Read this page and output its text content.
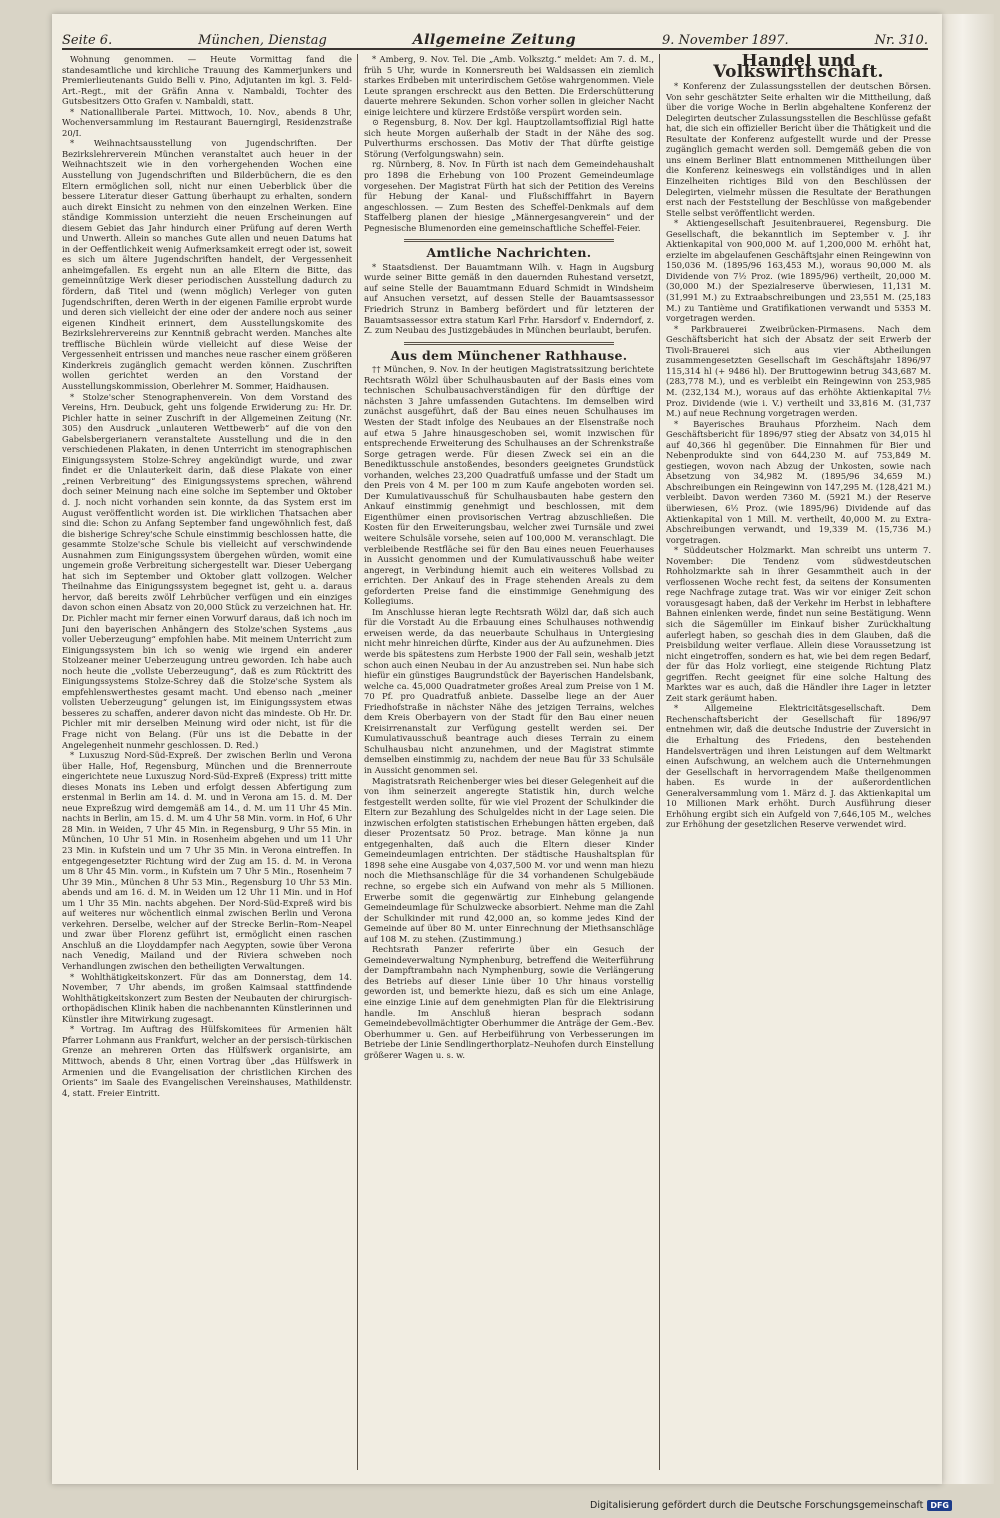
Seite 6.	München, Dienstag	Allgemeine Zeitung	9. November 1897.	Nr. 310.

Wohnung genommen. — Heute Vormittag fand die standesamtliche und kirchliche Trauung des Kammerjunkers und Premierlieutenants Guido Belli v. Pino, Adjutanten im kgl. 3. Feld-Art.-Regt., mit der Gräfin Anna v. Nambaldi, Tochter des Gutsbesitzers Otto Grafen v. Nambaldi, statt.

* Nationalliberale Partei. Mittwoch, 10. Nov., abends 8 Uhr, Wochenversammlung im Restaurant Bauerngirgl, Residenzstraße 20/I.

* Weihnachtsausstellung von Jugendschriften. Der Bezirkslehrerverein München veranstaltet auch heuer in der Weihnachtszeit wie in den vorhergehenden Wochen eine Ausstellung von Jugendschriften und Bilderbüchern, die es den Eltern ermöglichen soll, nicht nur einen Ueberblick über die bessere Literatur dieser Gattung überhaupt zu erhalten, sondern auch direkt Einsicht zu nehmen von den einzelnen Werken. Eine ständige Kommission unterzieht die neuen Erscheinungen auf diesem Gebiet das Jahr hindurch einer Prüfung auf deren Werth und Unwerth. Allein so manches Gute allen und neuen Datums hat in der Oeffentlichkeit wenig Aufmerksamkeit erregt oder ist, soweit es sich um ältere Jugendschriften handelt, der Vergessenheit anheimgefallen. Es ergeht nun an alle Eltern die Bitte, das gemeinnützige Werk dieser periodischen Ausstellung dadurch zu fördern, daß Titel und (wenn möglich) Verleger von guten Jugendschriften, deren Werth in der eigenen Familie erprobt wurde und deren sich vielleicht der eine oder der andere noch aus seiner eigenen Kindheit erinnert, dem Ausstellungskomite des Bezirkslehrervereins zur Kenntniß gebracht werden. Manches alte trefflische Büchlein würde vielleicht auf diese Weise der Vergessenheit entrissen und manches neue rascher einem größeren Kinderkreis zugänglich gemacht werden können. Zuschriften wollen gerichtet werden an den Vorstand der Ausstellungskommission, Oberlehrer M. Sommer, Haidhausen.

* Stolze'scher Stenographenverein. Von dem Vorstand des Vereins, Hrn. Deubuck, geht uns folgende Erwiderung zu: Hr. Dr. Pichler hatte in seiner Zuschrift in der Allgemeinen Zeitung (Nr. 305) den Ausdruck „unlauteren Wettbewerb“ auf die von den Gabelsbergerianern veranstaltete Ausstellung und die in den verschiedenen Plakaten, in denen Unterricht im stenographischen Einigungssystem Stolze-Schrey angekündigt wurde, und zwar findet er die Unlauterkeit darin, daß diese Plakate von einer „reinen Verbreitung“ des Einigungssystems sprechen, während doch seiner Meinung nach eine solche im September und Oktober d. J. noch nicht vorhanden sein konnte, da das System erst im August veröffentlicht worden ist. Die wirklichen Thatsachen aber sind die: Schon zu Anfang September fand ungewöhnlich fest, daß die bisherige Schrey'sche Schule einstimmig beschlossen hatte, die gesammte Stolze'sche Schule bis vielleicht auf verschwindende Ausnahmen zum Einigungssystem übergehen würden, womit eine ungemein große Verbreitung sichergestellt war. Dieser Uebergang hat sich im September und Oktober glatt vollzogen. Welcher Theilnahme das Einigungssystem begegnet ist, geht u. a. daraus hervor, daß bereits zwölf Lehrbücher verfügen und ein einziges davon schon einen Absatz von 20,000 Stück zu verzeichnen hat. Hr. Dr. Pichler macht mir ferner einen Vorwurf daraus, daß ich noch im Juni den bayerischen Anhängern des Stolze'schen Systems „aus voller Ueberzeugung“ empfohlen habe. Mit meinem Unterricht zum Einigungssystem bin ich so wenig wie irgend ein anderer Stolzeaner meiner Ueberzeugung untreu geworden. Ich habe auch noch heute die „vollste Ueberzeugung“, daß es zum Rücktritt des Einigungssystems Stolze-Schrey daß die Stolze'sche System als empfehlenswerthestes gesamt macht. Und ebenso nach „meiner vollsten Ueberzeugung“ gelungen ist, im Einigungssystem etwas besseres zu schaffen, anderer davon nicht das mindeste. Ob Hr. Dr. Pichler mit mir derselben Meinung wird oder nicht, ist für die Frage nicht von Belang. (Für uns ist die Debatte in der Angelegenheit nunmehr geschlossen. D. Red.)

* Luxuszug Nord-Süd-Expreß. Der zwischen Berlin und Verona über Halle, Hof, Regensburg, München und die Brennerroute eingerichtete neue Luxuszug Nord-Süd-Expreß (Express) tritt mitte dieses Monats ins Leben und erfolgt dessen Abfertigung zum erstenmal in Berlin am 14. d. M. und in Verona am 15. d. M. Der neue Expreßzug wird demgemäß am 14., d. M. um 11 Uhr 45 Min. nachts in Berlin, am 15. d. M. um 4 Uhr 58 Min. vorm. in Hof, 6 Uhr 28 Min. in Weiden, 7 Uhr 45 Min. in Regensburg, 9 Uhr 55 Min. in München, 10 Uhr 51 Min. in Rosenheim abgehen und um 11 Uhr 23 Min. in Kufstein und um 7 Uhr 35 Min. in Verona eintreffen. In entgegengesetzter Richtung wird der Zug am 15. d. M. in Verona um 8 Uhr 45 Min. vorm., in Kufstein um 7 Uhr 5 Min., Rosenheim 7 Uhr 39 Min., München 8 Uhr 53 Min., Regensburg 10 Uhr 53 Min. abends und am 16. d. M. in Weiden um 12 Uhr 11 Min. und in Hof um 1 Uhr 35 Min. nachts abgehen. Der Nord-Süd-Expreß wird bis auf weiteres nur wöchentlich einmal zwischen Berlin und Verona verkehren. Derselbe, welcher auf der Strecke Berlin–Rom–Neapel und zwar über Florenz geführt ist, ermöglicht einen raschen Anschluß an die Lloyddampfer nach Aegypten, sowie über Verona nach Venedig, Mailand und der Riviera schweben noch Verhandlungen zwischen den betheiligten Verwaltungen.

* Wohlthätigkeitskonzert. Für das am Donnerstag, dem 14. November, 7 Uhr abends, im großen Kaimsaal stattfindende Wohlthätigkeitskonzert zum Besten der Neubauten der chirurgisch-orthopädischen Klinik haben die nachbenannten Künstlerinnen und Künstler ihre Mitwirkung zugesagt.

* Vortrag. Im Auftrag des Hülfskomitees für Armenien hält Pfarrer Lohmann aus Frankfurt, welcher an der persisch-türkischen Grenze an mehreren Orten das Hülfswerk organisirte, am Mittwoch, abends 8 Uhr, einen Vortrag über „das Hülfswerk in Armenien und die Evangelisation der christlichen Kirchen des Orients“ im Saale des Evangelischen Vereinshauses, Mathildenstr. 4, statt. Freier Eintritt.

* Amberg, 9. Nov. Tel. Die „Amb. Volksztg.“ meldet: Am 7. d. M., früh 5 Uhr, wurde in Konnersreuth bei Waldsassen ein ziemlich starkes Erdbeben mit unterirdischem Getöse wahrgenommen. Viele Leute sprangen erschreckt aus den Betten. Die Erderschütterung dauerte mehrere Sekunden. Schon vorher sollen in gleicher Nacht einige leichtere und kürzere Erdstöße verspürt worden sein.

⊙ Regensburg, 8. Nov. Der kgl. Hauptzollamtsoffizial Rigl hatte sich heute Morgen außerhalb der Stadt in der Nähe des sog. Pulverthurms erschossen. Das Motiv der That dürfte geistige Störung (Verfolgungswahn) sein.

rg. Nürnberg, 8. Nov. In Fürth ist nach dem Gemeindehaushalt pro 1898 die Erhebung von 100 Prozent Gemeindeumlage vorgesehen. Der Magistrat Fürth hat sich der Petition des Vereins für Hebung der Kanal- und Flußschifffahrt in Bayern angeschlossen. — Zum Besten des Scheffel-Denkmals auf dem Staffelberg planen der hiesige „Männergesangverein“ und der Pegnesische Blumenorden eine gemeinschaftliche Scheffel-Feier.

Amtliche Nachrichten.

* Staatsdienst. Der Bauamtmann Wilh. v. Hagn in Augsburg wurde seiner Bitte gemäß in den dauernden Ruhestand versetzt, auf seine Stelle der Bauamtmann Eduard Schmidt in Windsheim auf Ansuchen versetzt, auf dessen Stelle der Bauamtsassessor Friedrich Strunz in Bamberg befördert und für letzteren der Bauamtsassessor extra statum Karl Frhr. Harsdorf v. Enderndorf, z. Z. zum Neubau des Justizgebäudes in München beurlaubt, berufen.

Aus dem Münchener Rathhause.

†† München, 9. Nov. In der heutigen Magistratssitzung berichtete Rechtsrath Wölzl über Schulhausbauten auf der Basis eines vom technischen Schulbausachverständigen für den dürftige der nächsten 3 Jahre umfassenden Gutachtens. Im demselben wird zunächst ausgeführt, daß der Bau eines neuen Schulhauses im Westen der Stadt infolge des Neubaues an der Elsenstraße noch auf etwa 5 Jahre hinausgeschoben sei, womit inzwischen für entsprechende Erweiterung des Schulhauses an der Schrenkstraße Sorge getragen werde. Für diesen Zweck sei ein an die Benediktusschule anstoßendes, besonders geeignetes Grundstück vorhanden, welches 23,200 Quadratfuß umfasse und der Stadt um den Preis von 4 M. per 100 m zum Kaufe angeboten worden sei. Der Kumulativausschuß für Schulhausbauten habe gestern den Ankauf einstimmig genehmigt und beschlossen, mit dem Eigenthümer einen provisorischen Vertrag abzuschließen. Die Kosten für den Erweiterungsbau, welcher zwei Turnsäle und zwei weitere Schulsäle vorsehe, seien auf 100,000 M. veranschlagt. Die verbleibende Restfläche sei für den Bau eines neuen Feuerhauses in Aussicht genommen und der Kumulativausschuß habe weiter angeregt, in Verbindung hiemit auch ein weiteres Vollsbad zu errichten. Der Ankauf des in Frage stehenden Areals zu dem geforderten Preise fand die einstimmige Genehmigung des Kollegiums.

Im Anschlusse hieran legte Rechtsrath Wölzl dar, daß sich auch für die Vorstadt Au die Erbauung eines Schulhauses nothwendig erweisen werde, da das neuerbaute Schulhaus in Untergiesing nicht mehr hinreichen dürfte, Kinder aus der Au aufzunehmen. Dies werde bis spätestens zum Herbste 1900 der Fall sein, weshalb jetzt schon auch einen Neubau in der Au anzustreben sei. Nun habe sich hiefür ein günstiges Baugrundstück der Bayerischen Handelsbank, welche ca. 45,000 Quadratmeter großes Areal zum Preise von 1 M. 70 Pf. pro Quadratfuß anbiete. Dasselbe liege an der Auer Friedhofstraße in nächster Nähe des jetzigen Terrains, welches dem Kreis Oberbayern von der Stadt für den Bau einer neuen Kreisirrenanstalt zur Verfügung gestellt werden sei. Der Kumulativausschuß beantrage auch dieses Terrain zu einem Schulhausbau nicht anzunehmen, und der Magistrat stimmte demselben einstimmig zu, nachdem der neue Bau für 33 Schulsäle in Aussicht genommen sei.

Magistratsrath Reichenberger wies bei dieser Gelegenheit auf die von ihm seinerzeit angeregte Statistik hin, durch welche festgestellt werden sollte, für wie viel Prozent der Schulkinder die Eltern zur Bezahlung des Schulgeldes nicht in der Lage seien. Die inzwischen erfolgten statistischen Erhebungen hätten ergeben, daß dieser Prozentsatz 50 Proz. betrage. Man könne ja nun entgegenhalten, daß auch die Eltern dieser Kinder Gemeindeumlagen entrichten. Der städtische Haushaltsplan für 1898 sehe eine Ausgabe von 4,037,500 M. vor und wenn man hiezu noch die Miethsanschläge für die 34 vorhandenen Schulgebäude rechne, so ergebe sich ein Aufwand von mehr als 5 Millionen. Erwerbe somit die gegenwärtig zur Einhebung gelangende Gemeindeumlage für Schulzwecke absorbiert. Nehme man die Zahl der Schulkinder mit rund 42,000 an, so komme jedes Kind der Gemeinde auf über 80 M. unter Einrechnung der Miethsanschläge auf 108 M. zu stehen. (Zustimmung.)

Rechtsrath Panzer referirte über ein Gesuch der Gemeindeverwaltung Nymphenburg, betreffend die Weiterführung der Dampftrambahn nach Nymphenburg, sowie die Verlängerung des Betriebs auf dieser Linie über 10 Uhr hinaus vorstellig geworden ist, und bemerkte hiezu, daß es sich um eine Anlage, eine einzige Linie auf dem genehmigten Plan für die Elektrisirung handle. Im Anschluß hieran besprach sodann Gemeindebevollmächtigter Oberhummer die Anträge der Gem.-Bev. Oberhummer u. Gen. auf Herbeiführung von Verbesserungen im Betriebe der Linie Sendlingerthorplatz–Neuhofen durch Einstellung größerer Wagen u. s. w.

Handel und Volkswirthschaft.

* Konferenz der Zulassungsstellen der deutschen Börsen. Von sehr geschätzter Seite erhalten wir die Mittheilung, daß über die vorige Woche in Berlin abgehaltene Konferenz der Delegirten deutscher Zulassungsstellen die Beschlüsse gefaßt hat, die sich ein offizieller Bericht über die Thätigkeit und die Resultate der Konferenz aufgestellt wurde und der Presse zugänglich gemacht werden soll. Demgemäß geben die von uns einem Berliner Blatt entnommenen Mittheilungen über die Konferenz keineswegs ein vollständiges und in allen Einzelheiten richtiges Bild von den Beschlüssen der Delegirten, vielmehr müssen die Resultate der Berathungen erst nach der Feststellung der Beschlüsse von maßgebender Stelle selbst veröffentlicht werden.

* Aktiengesellschaft Jesuitenbrauerei, Regensburg. Die Gesellschaft, die bekanntlich im September v. J. ihr Aktienkapital von 900,000 M. auf 1,200,000 M. erhöht hat, erzielte im abgelaufenen Geschäftsjahr einen Reingewinn von 150,036 M. (1895/96 163,453 M.), woraus 90,000 M. als Dividende von 7½ Proz. (wie 1895/96) vertheilt, 20,000 M. (30,000 M.) der Spezialreserve überwiesen, 11,131 M. (31,991 M.) zu Extraabschreibungen und 23,551 M. (25,183 M.) zu Tantième und Gratifikationen verwandt und 5353 M. vorgetragen werden.

* Parkbrauerei Zweibrücken-Pirmasens. Nach dem Geschäftsbericht hat sich der Absatz der seit Erwerb der Tivoli-Brauerei sich aus vier Abtheilungen zusammengesetzten Gesellschaft im Geschäftsjahr 1896/97 115,314 hl (+ 9486 hl). Der Bruttogewinn betrug 343,687 M. (283,778 M.), und es verbleibt ein Reingewinn von 253,985 M. (232,134 M.), woraus auf das erhöhte Aktienkapital 7½ Proz. Dividende (wie i. V.) vertheilt und 33,816 M. (31,737 M.) auf neue Rechnung vorgetragen werden.

* Bayerisches Brauhaus Pforzheim. Nach dem Geschäftsbericht für 1896/97 stieg der Absatz von 34,015 hl auf 40,366 hl gegenüber. Die Einnahmen für Bier und Nebenprodukte sind von 644,230 M. auf 753,849 M. gestiegen, wovon nach Abzug der Unkosten, sowie nach Absetzung von 34,982 M. (1895/96 34,659 M.) Abschreibungen ein Reingewinn von 147,295 M. (128,421 M.) verbleibt. Davon werden 7360 M. (5921 M.) der Reserve überwiesen, 6½ Proz. (wie 1895/96) Dividende auf das Aktienkapital von 1 Mill. M. vertheilt, 40,000 M. zu Extra-Abschreibungen verwandt, und 19,339 M. (15,736 M.) vorgetragen.

* Süddeutscher Holzmarkt. Man schreibt uns unterm 7. November: Die Tendenz vom südwestdeutschen Rohholzmarkte sah in ihrer Gesammtheit auch in der verflossenen Woche recht fest, da seitens der Konsumenten rege Nachfrage zutage trat. Was wir vor einiger Zeit schon vorausgesagt haben, daß der Verkehr im Herbst in lebhaftere Bahnen einlenken werde, findet nun seine Bestätigung. Wenn sich die Sägemüller im Einkauf bisher Zurückhaltung auferlegt haben, so geschah dies in dem Glauben, daß die Preisbildung weiter verflaue. Allein diese Voraussetzung ist nicht eingetroffen, sondern es hat, wie bei dem regen Bedarf, der für das Holz vorliegt, eine steigende Richtung Platz gegriffen. Recht geeignet für eine solche Haltung des Marktes war es auch, daß die Händler ihre Lager in letzter Zeit stark geräumt haben.

* Allgemeine Elektricitätsgesellschaft. Dem Rechenschaftsbericht der Gesellschaft für 1896/97 entnehmen wir, daß die deutsche Industrie der Zuversicht in die Erhaltung des Friedens, den bestehenden Handelsverträgen und ihren Leistungen auf dem Weltmarkt einen Aufschwung, an welchem auch die Unternehmungen der Gesellschaft in hervorragendem Maße theilgenommen haben. Es wurde in der außerordentlichen Generalversammlung vom 1. März d. J. das Aktienkapital um 10 Millionen Mark erhöht. Durch Ausführung dieser Erhöhung ergibt sich ein Aufgeld von 7,646,105 M., welches zur Erhöhung der gesetzlichen Reserve verwendet wird.

Digitalisierung gefördert durch die Deutsche Forschungsgemeinschaft DFG
